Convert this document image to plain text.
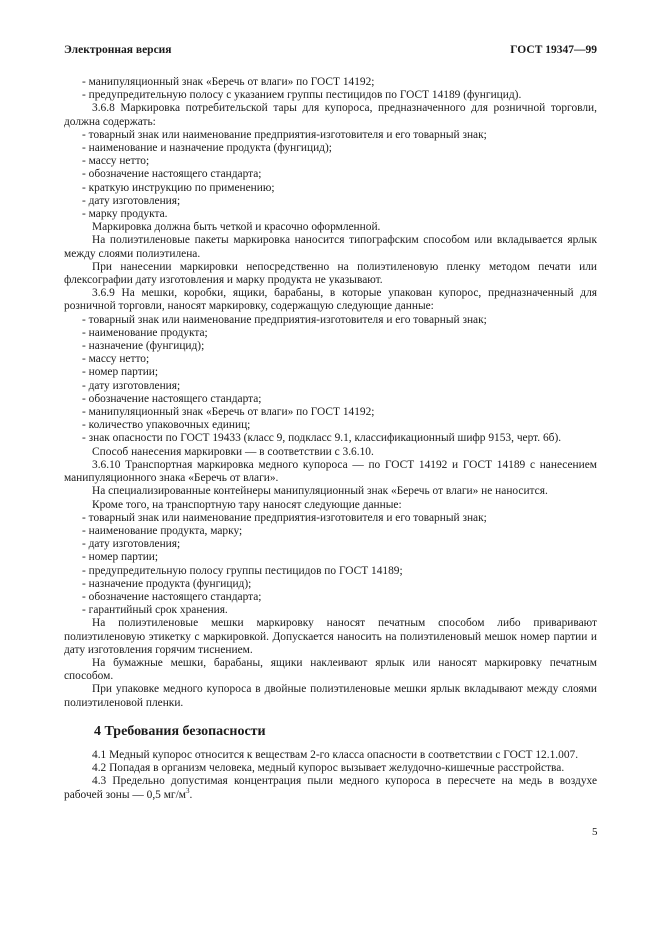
Электронная версия	ГОСТ 19347—99
- манипуляционный знак «Беречь от влаги» по ГОСТ 14192;
- предупредительную полосу с указанием группы пестицидов по ГОСТ 14189 (фунгицид).
3.6.8 Маркировка потребительской тары для купороса, предназначенного для розничной торговли, должна содержать:
- товарный знак или наименование предприятия-изготовителя и его товарный знак;
- наименование и назначение продукта (фунгицид);
- массу нетто;
- обозначение настоящего стандарта;
- краткую инструкцию по применению;
- дату изготовления;
- марку продукта.
Маркировка должна быть четкой и красочно оформленной.
На полиэтиленовые пакеты маркировка наносится типографским способом или вкладывается ярлык между слоями полиэтилена.
При нанесении маркировки непосредственно на полиэтиленовую пленку методом печати или флексографии дату изготовления и марку продукта не указывают.
3.6.9 На мешки, коробки, ящики, барабаны, в которые упакован купорос, предназначенный для розничной торговли, наносят маркировку, содержащую следующие данные:
- товарный знак или наименование предприятия-изготовителя и его товарный знак;
- наименование продукта;
- назначение (фунгицид);
- массу нетто;
- номер партии;
- дату изготовления;
- обозначение настоящего стандарта;
- манипуляционный знак «Беречь от влаги» по ГОСТ 14192;
- количество упаковочных единиц;
- знак опасности по ГОСТ 19433 (класс 9, подкласс 9.1, классификационный шифр 9153, черт. 6б).
Способ нанесения маркировки — в соответствии с 3.6.10.
3.6.10 Транспортная маркировка медного купороса — по ГОСТ 14192 и ГОСТ 14189 с нанесением манипуляционного знака «Беречь от влаги».
На специализированные контейнеры манипуляционный знак «Беречь от влаги» не наносится.
Кроме того, на транспортную тару наносят следующие данные:
- товарный знак или наименование предприятия-изготовителя и его товарный знак;
- наименование продукта, марку;
- дату изготовления;
- номер партии;
- предупредительную полосу группы пестицидов по ГОСТ 14189;
- назначение продукта (фунгицид);
- обозначение настоящего стандарта;
- гарантийный срок хранения.
На полиэтиленовые мешки маркировку наносят печатным способом либо приваривают полиэтиленовую этикетку с маркировкой. Допускается наносить на полиэтиленовый мешок номер партии и дату изготовления горячим тиснением.
На бумажные мешки, барабаны, ящики наклеивают ярлык или наносят маркировку печатным способом.
При упаковке медного купороса в двойные полиэтиленовые мешки ярлык вкладывают между слоями полиэтиленовой пленки.
4 Требования безопасности
4.1 Медный купорос относится к веществам 2-го класса опасности в соответствии с ГОСТ 12.1.007.
4.2 Попадая в организм человека, медный купорос вызывает желудочно-кишечные расстройства.
4.3 Предельно допустимая концентрация пыли медного купороса в пересчете на медь в воздухе рабочей зоны — 0,5 $мг/м^3$.
5
